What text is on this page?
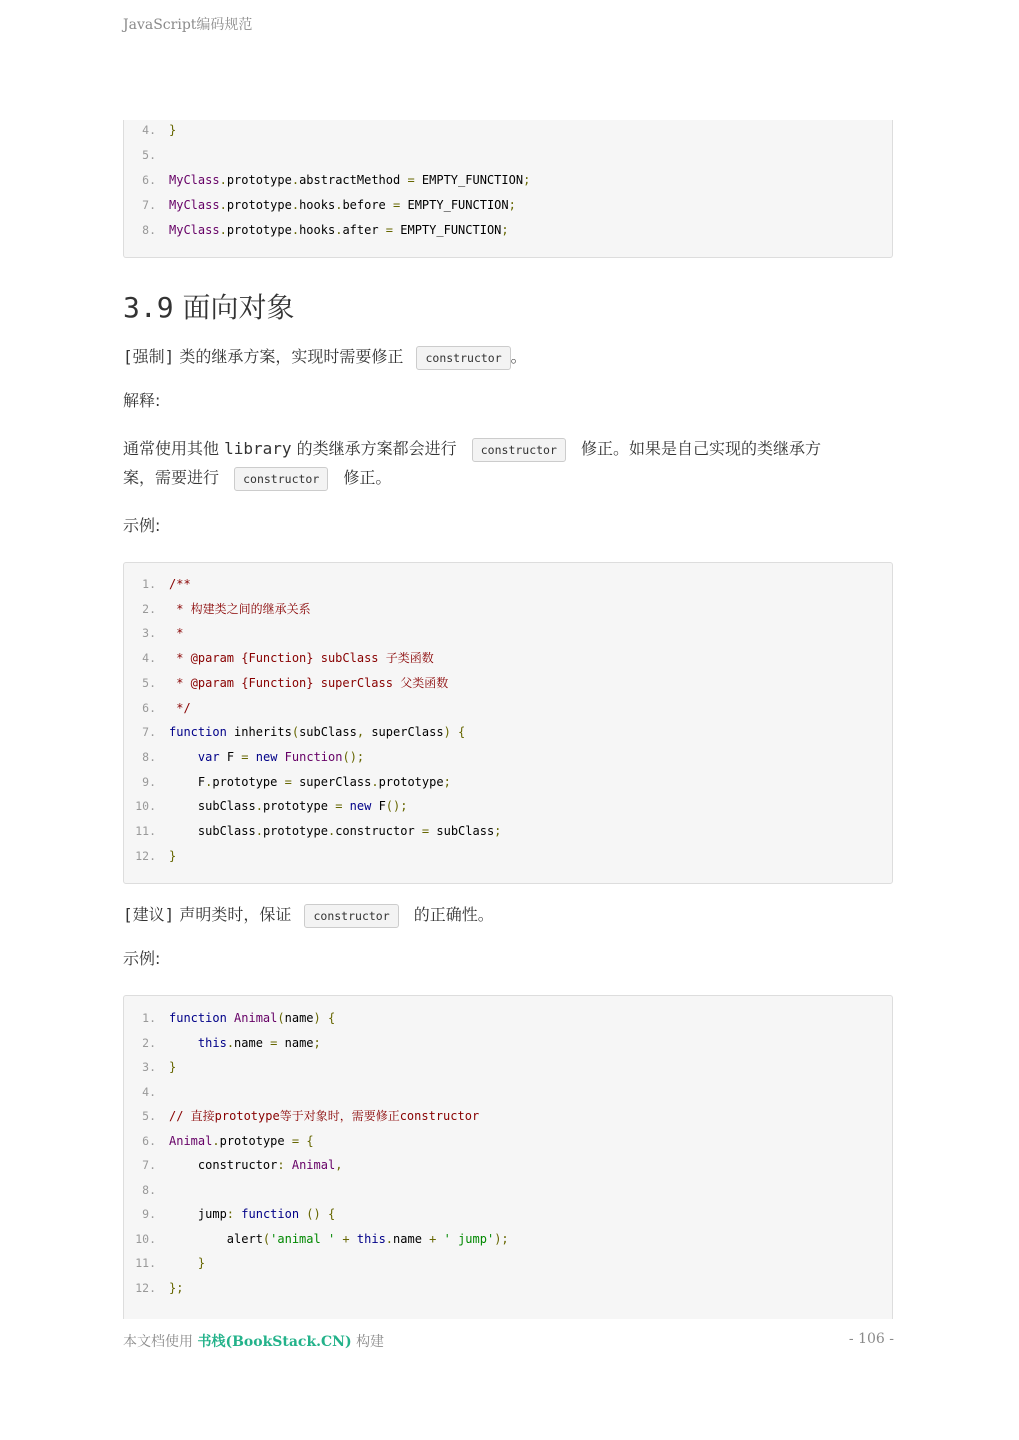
JavaScript编码规范
4. }
5.
6. MyClass.prototype.abstractMethod = EMPTY_FUNCTION;
7. MyClass.prototype.hooks.before = EMPTY_FUNCTION;
8. MyClass.prototype.hooks.after = EMPTY_FUNCTION;
3.9 面向对象

[强制] 类的继承方案，实现时需要修正 constructor 。

解释:

通常使用其他 library 的类继承方案都会进行 constructor 修正。如果是自己实现的类继承方
案，需要进行 constructor 修正。

示例:

1. /**
2. * 构建类之间的继承关系
3. *
4. * @param {Function} subClass 子类函数
5. * @param {Function} superClass 父类函数
6. */
7. function inherits(subClass, superClass) {
8.	var F = new Function();
9. F.prototype = superClass.prototype;
10. subClass.prototype = new F();
11. subClass.prototype.constructor = subClass;
12. }

[建议] 声明类时，保证 constructor 的正确性。

示例:

1. function Animal(name) {
2.	this.name = name;
3. }
4.
5. // 直接prototype等于对象时，需要修正constructor
6. Animal.prototype = {
7. constructor: Animal,
8.
9. jump: function () {
10. alert('animal ' + this.name + ' jump');
11.	}
12. };
本文档使用 书栈(BookStack.CN) 构建	- 106 -
